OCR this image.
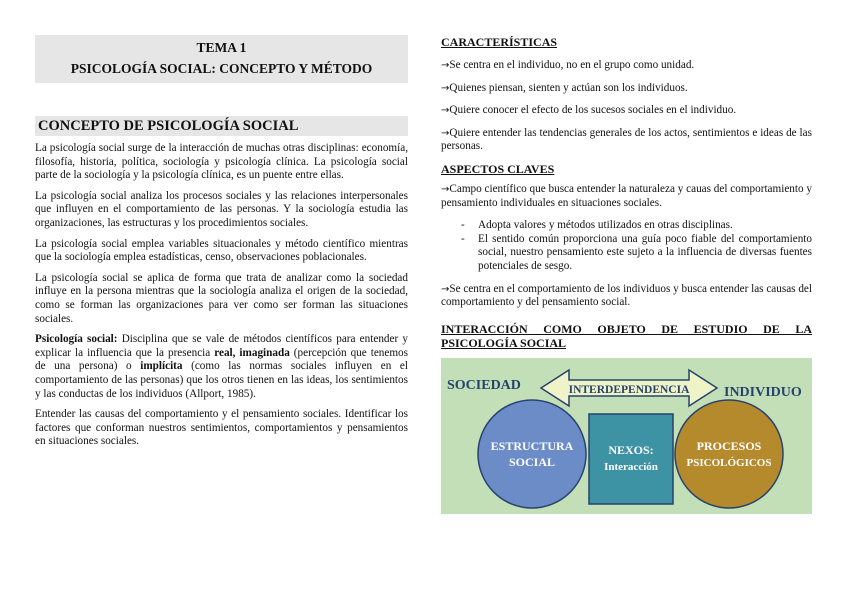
TEMA 1
PSICOLOGÍA SOCIAL: CONCEPTO Y MÉTODO
CONCEPTO DE PSICOLOGÍA SOCIAL

La psicología social surge de la interacción de muchas otras disciplinas: economía, filosofía, historia, política, sociología y psicología clínica. La psicología social parte de la sociología y la psicología clínica, es un puente entre ellas.

La psicología social analiza los procesos sociales y las relaciones interpersonales que influyen en el comportamiento de las personas. Y la sociología estudia las organizaciones, las estructuras y los procedimientos sociales.

La psicología social emplea variables situacionales y método científico mientras que la sociología emplea estadísticas, censo, observaciones poblacionales.

La psicología social se aplica de forma que trata de analizar como la sociedad influye en la persona mientras que la sociología analiza el origen de la sociedad, como se forman las organizaciones para ver como ser forman las situaciones sociales.

Psicología social: Disciplina que se vale de métodos científicos para entender y explicar la influencia que la presencia real, imaginada (percepción que tenemos de una persona) o implícita (como las normas sociales influyen en el comportamiento de las personas) que los otros tienen en las ideas, los sentimientos y las conductas de los individuos (Allport, 1985).

Entender las causas del comportamiento y el pensamiento sociales. Identificar los factores que conforman nuestros sentimientos, comportamientos y pensamientos en situaciones sociales.

CARACTERÍSTICAS

→Se centra en el individuo, no en el grupo como unidad.

→Quienes piensan, sienten y actúan son los individuos.

→Quiere conocer el efecto de los sucesos sociales en el individuo.

→Quiere entender las tendencias generales de los actos, sentimientos e ideas de las personas.

ASPECTOS CLAVES

→Campo científico que busca entender la naturaleza y cauas del comportamiento y pensamiento individuales en situaciones sociales.

-	Adopta valores y métodos utilizados en otras disciplinas.
-	El sentido común proporciona una guía poco fiable del comportamiento social, nuestro pensamiento este sujeto a la influencia de diversas fuentes potenciales de sesgo.

→Se centra en el comportamiento de los individuos y busca entender las causas del comportamiento y del pensamiento social.

INTERACCIÓN COMO OBJETO DE ESTUDIO DE LA
PSICOLOGÍA SOCIAL
INTERDEPENDENCIA
SOCIEDAD	INDIVIDUO
ESTRUCTURA
SOCIAL
NEXOS:
Interacción
PROCESOS
PSICOLÓGICOS
